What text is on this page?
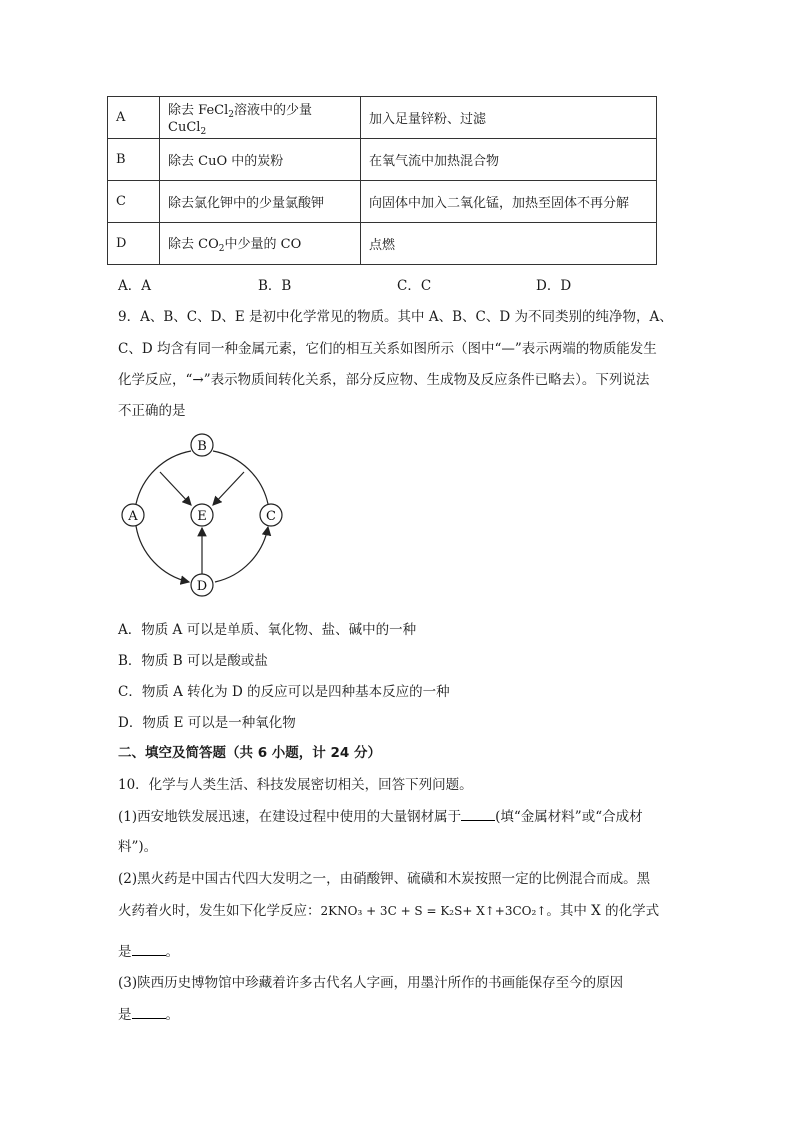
A	除去 FeCl$_2$溶液中的少量 CuCl$_2$	加入足量锌粉、过滤
B	除去 CuO 中的炭粉	在氧气流中加热混合物
C	除去氯化钾中的少量氯酸钾	向固体中加入二氧化锰，加热至固体不再分解
D	除去 $CO_2$中少量的 CO	点燃
A．A	B．B	C．C	D．D
9．A、B、C、D、E 是初中化学常见的物质。其中 A、B、C、D 为不同类别的纯净物，A、
C、D 均含有同一种金属元素，它们的相互关系如图所示（图中“—”表示两端的物质能发生
化学反应，“→”表示物质间转化关系，部分反应物、生成物及反应条件已略去）。下列说法
不正确的是
B
A	E	C
D
A．物质 A 可以是单质、氧化物、盐、碱中的一种
B．物质 B 可以是酸或盐
C．物质 A 转化为 D 的反应可以是四种基本反应的一种
D．物质 E 可以是一种氧化物
二、填空及简答题（共 6 小题，计 24 分）
10．化学与人类生活、科技发展密切相关，回答下列问题。
(1)西安地铁发展迅速，在建设过程中使用的大量钢材属于	(填“金属材料”或“合成材
料”)。
(2)黑火药是中国古代四大发明之一，由硝酸钾、硫磺和木炭按照一定的比例混合而成。黑
火药着火时，发生如下化学反应：2KNO₃ + 3C + S = K₂S+ X↑+3CO₂↑。其中 X 的化学式
是	。
(3)陕西历史博物馆中珍藏着许多古代名人字画，用墨汁所作的书画能保存至今的原因
是	。
